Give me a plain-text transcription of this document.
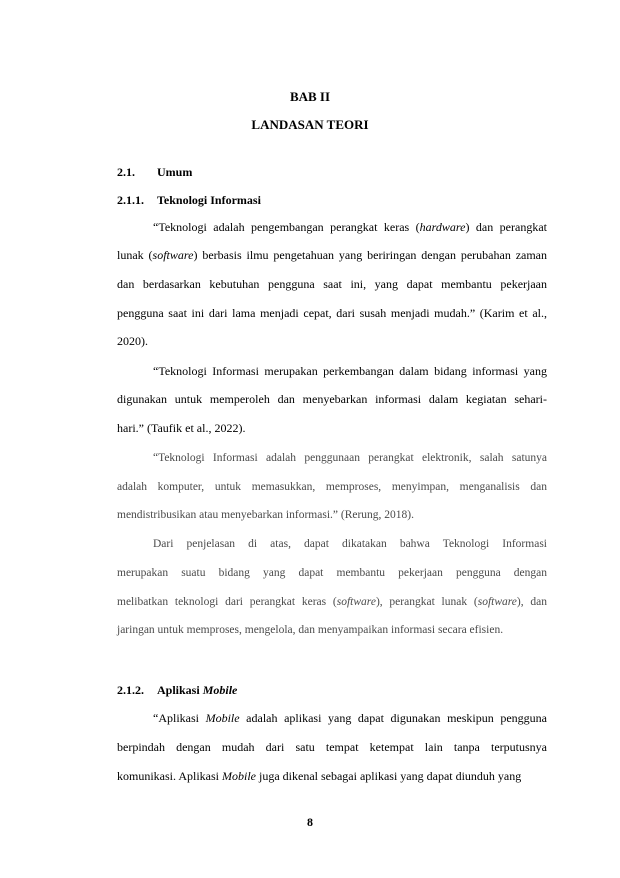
BAB II
LANDASAN TEORI
2.1. Umum
2.1.1. Teknologi Informasi
“Teknologi adalah pengembangan perangkat keras (hardware) dan perangkat
lunak (software) berbasis ilmu pengetahuan yang beriringan dengan perubahan zaman
dan berdasarkan kebutuhan pengguna saat ini, yang dapat membantu pekerjaan
pengguna saat ini dari lama menjadi cepat, dari susah menjadi mudah.” (Karim et al.,
2020).
“Teknologi Informasi merupakan perkembangan dalam bidang informasi yang
digunakan untuk memperoleh dan menyebarkan informasi dalam kegiatan sehari-
hari.” (Taufik et al., 2022).
“Teknologi Informasi adalah penggunaan perangkat elektronik, salah satunya
adalah komputer, untuk memasukkan, memproses, menyimpan, menganalisis dan
mendistribusikan atau menyebarkan informasi.” (Rerung, 2018).
Dari penjelasan di atas, dapat dikatakan bahwa Teknologi Informasi
merupakan suatu bidang yang dapat membantu pekerjaan pengguna dengan
melibatkan teknologi dari perangkat keras (software), perangkat lunak (software), dan
jaringan untuk memproses, mengelola, dan menyampaikan informasi secara efisien.
2.1.2. Aplikasi Mobile
“Aplikasi Mobile adalah aplikasi yang dapat digunakan meskipun pengguna
berpindah dengan mudah dari satu tempat ketempat lain tanpa terputusnya
komunikasi. Aplikasi Mobile juga dikenal sebagai aplikasi yang dapat diunduh yang
8
